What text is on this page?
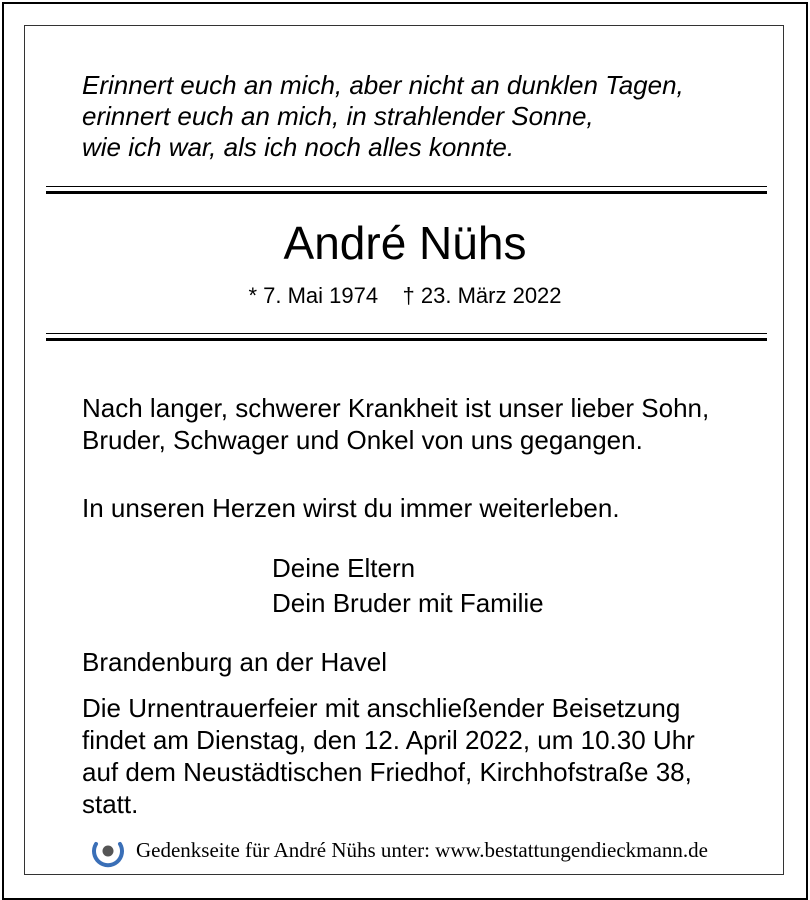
Erinnert euch an mich, aber nicht an dunklen Tagen,
erinnert euch an mich, in strahlender Sonne,
wie ich war, als ich noch alles konnte.
André Nühs
* 7. Mai 1974 † 23. März 2022
Nach langer, schwerer Krankheit ist unser lieber Sohn,
Bruder, Schwager und Onkel von uns gegangen.
In unseren Herzen wirst du immer weiterleben.
Deine Eltern
Dein Bruder mit Familie
Brandenburg an der Havel
Die Urnentrauerfeier mit anschließender Beisetzung
findet am Dienstag, den 12. April 2022, um 10.30 Uhr
auf dem Neustädtischen Friedhof, Kirchhofstraße 38,
statt.
Gedenkseite für André Nühs unter: www.bestattungendieckmann.de
